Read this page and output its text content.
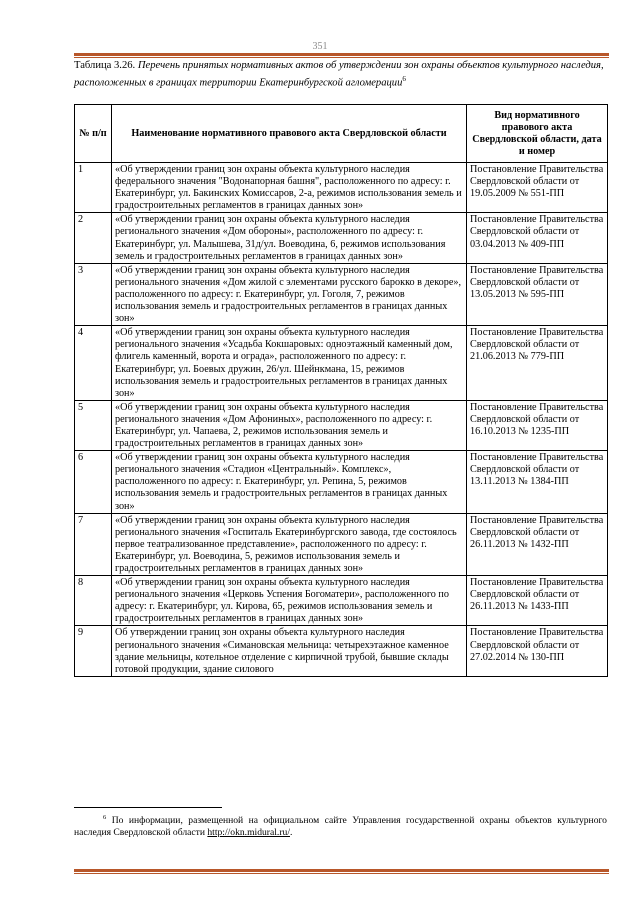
351
Таблица 3.26. Перечень принятых нормативных актов об утверждении зон охраны объектов культурного наследия, расположенных в границах территории Екатеринбургской агломерации$^6$
№ п/п	Наименование нормативного правового акта Свердловской области	Вид нормативного правового акта Свердловской области, дата и номер
1	«Об утверждении границ зон охраны объекта культурного наследия федерального значения "Водонапорная башня", расположенного по адресу: г. Екатеринбург, ул. Бакинских Комиссаров, 2-а, режимов использования земель и градостроительных регламентов в границах данных зон»	Постановление Правительства Свердловской области от 19.05.2009 № 551-ПП
2	«Об утверждении границ зон охраны объекта культурного наследия регионального значения «Дом обороны», расположенного по адресу: г. Екатеринбург, ул. Малышева, 31д/ул. Воеводина, 6, режимов использования земель и градостроительных регламентов в границах данных зон»	Постановление Правительства Свердловской области от 03.04.2013 № 409-ПП
3	«Об утверждении границ зон охраны объекта культурного наследия регионального значения «Дом жилой с элементами русского барокко в декоре», расположенного по адресу: г. Екатеринбург, ул. Гоголя, 7, режимов использования земель и градостроительных регламентов в границах данных зон»	Постановление Правительства Свердловской области от 13.05.2013 № 595-ПП
4	«Об утверждении границ зон охраны объекта культурного наследия регионального значения «Усадьба Кокшаровых: одноэтажный каменный дом, флигель каменный, ворота и ограда», расположенного по адресу: г. Екатеринбург, ул. Боевых дружин, 26/ул. Шейнкмана, 15, режимов использования земель и градостроительных регламентов в границах данных зон»	Постановление Правительства Свердловской области от 21.06.2013 № 779-ПП
5	«Об утверждении границ зон охраны объекта культурного наследия регионального значения «Дом Афониных», расположенного по адресу: г. Екатеринбург, ул. Чапаева, 2, режимов использования земель и градостроительных регламентов в границах данных зон»	Постановление Правительства Свердловской области от 16.10.2013 № 1235-ПП
6	«Об утверждении границ зон охраны объекта культурного наследия регионального значения «Стадион «Центральный». Комплекс», расположенного по адресу: г. Екатеринбург, ул. Репина, 5, режимов использования земель и градостроительных регламентов в границах данных зон»	Постановление Правительства Свердловской области от 13.11.2013 № 1384-ПП
7	«Об утверждении границ зон охраны объекта культурного наследия регионального значения «Госпиталь Екатеринбургского завода, где состоялось первое театрализованное представление», расположенного по адресу: г. Екатеринбург, ул. Воеводина, 5, режимов использования земель и градостроительных регламентов в границах данных зон»	Постановление Правительства Свердловской области от 26.11.2013 № 1432-ПП
8	«Об утверждении границ зон охраны объекта культурного наследия регионального значения «Церковь Успения Богоматери», расположенного по адресу: г. Екатеринбург, ул. Кирова, 65, режимов использования земель и градостроительных регламентов в границах данных зон»	Постановление Правительства Свердловской области от 26.11.2013 № 1433-ПП
9	Об утверждении границ зон охраны объекта культурного наследия регионального значения «Симановская мельница: четырехэтажное каменное здание мельницы, котельное отделение с кирпичной трубой, бывшие склады готовой продукции, здание силового	Постановление Правительства Свердловской области от 27.02.2014 № 130-ПП
$^6$ По информации, размещенной на официальном сайте Управления государственной охраны объектов культурного наследия Свердловской области http://okn.midural.ru/.
